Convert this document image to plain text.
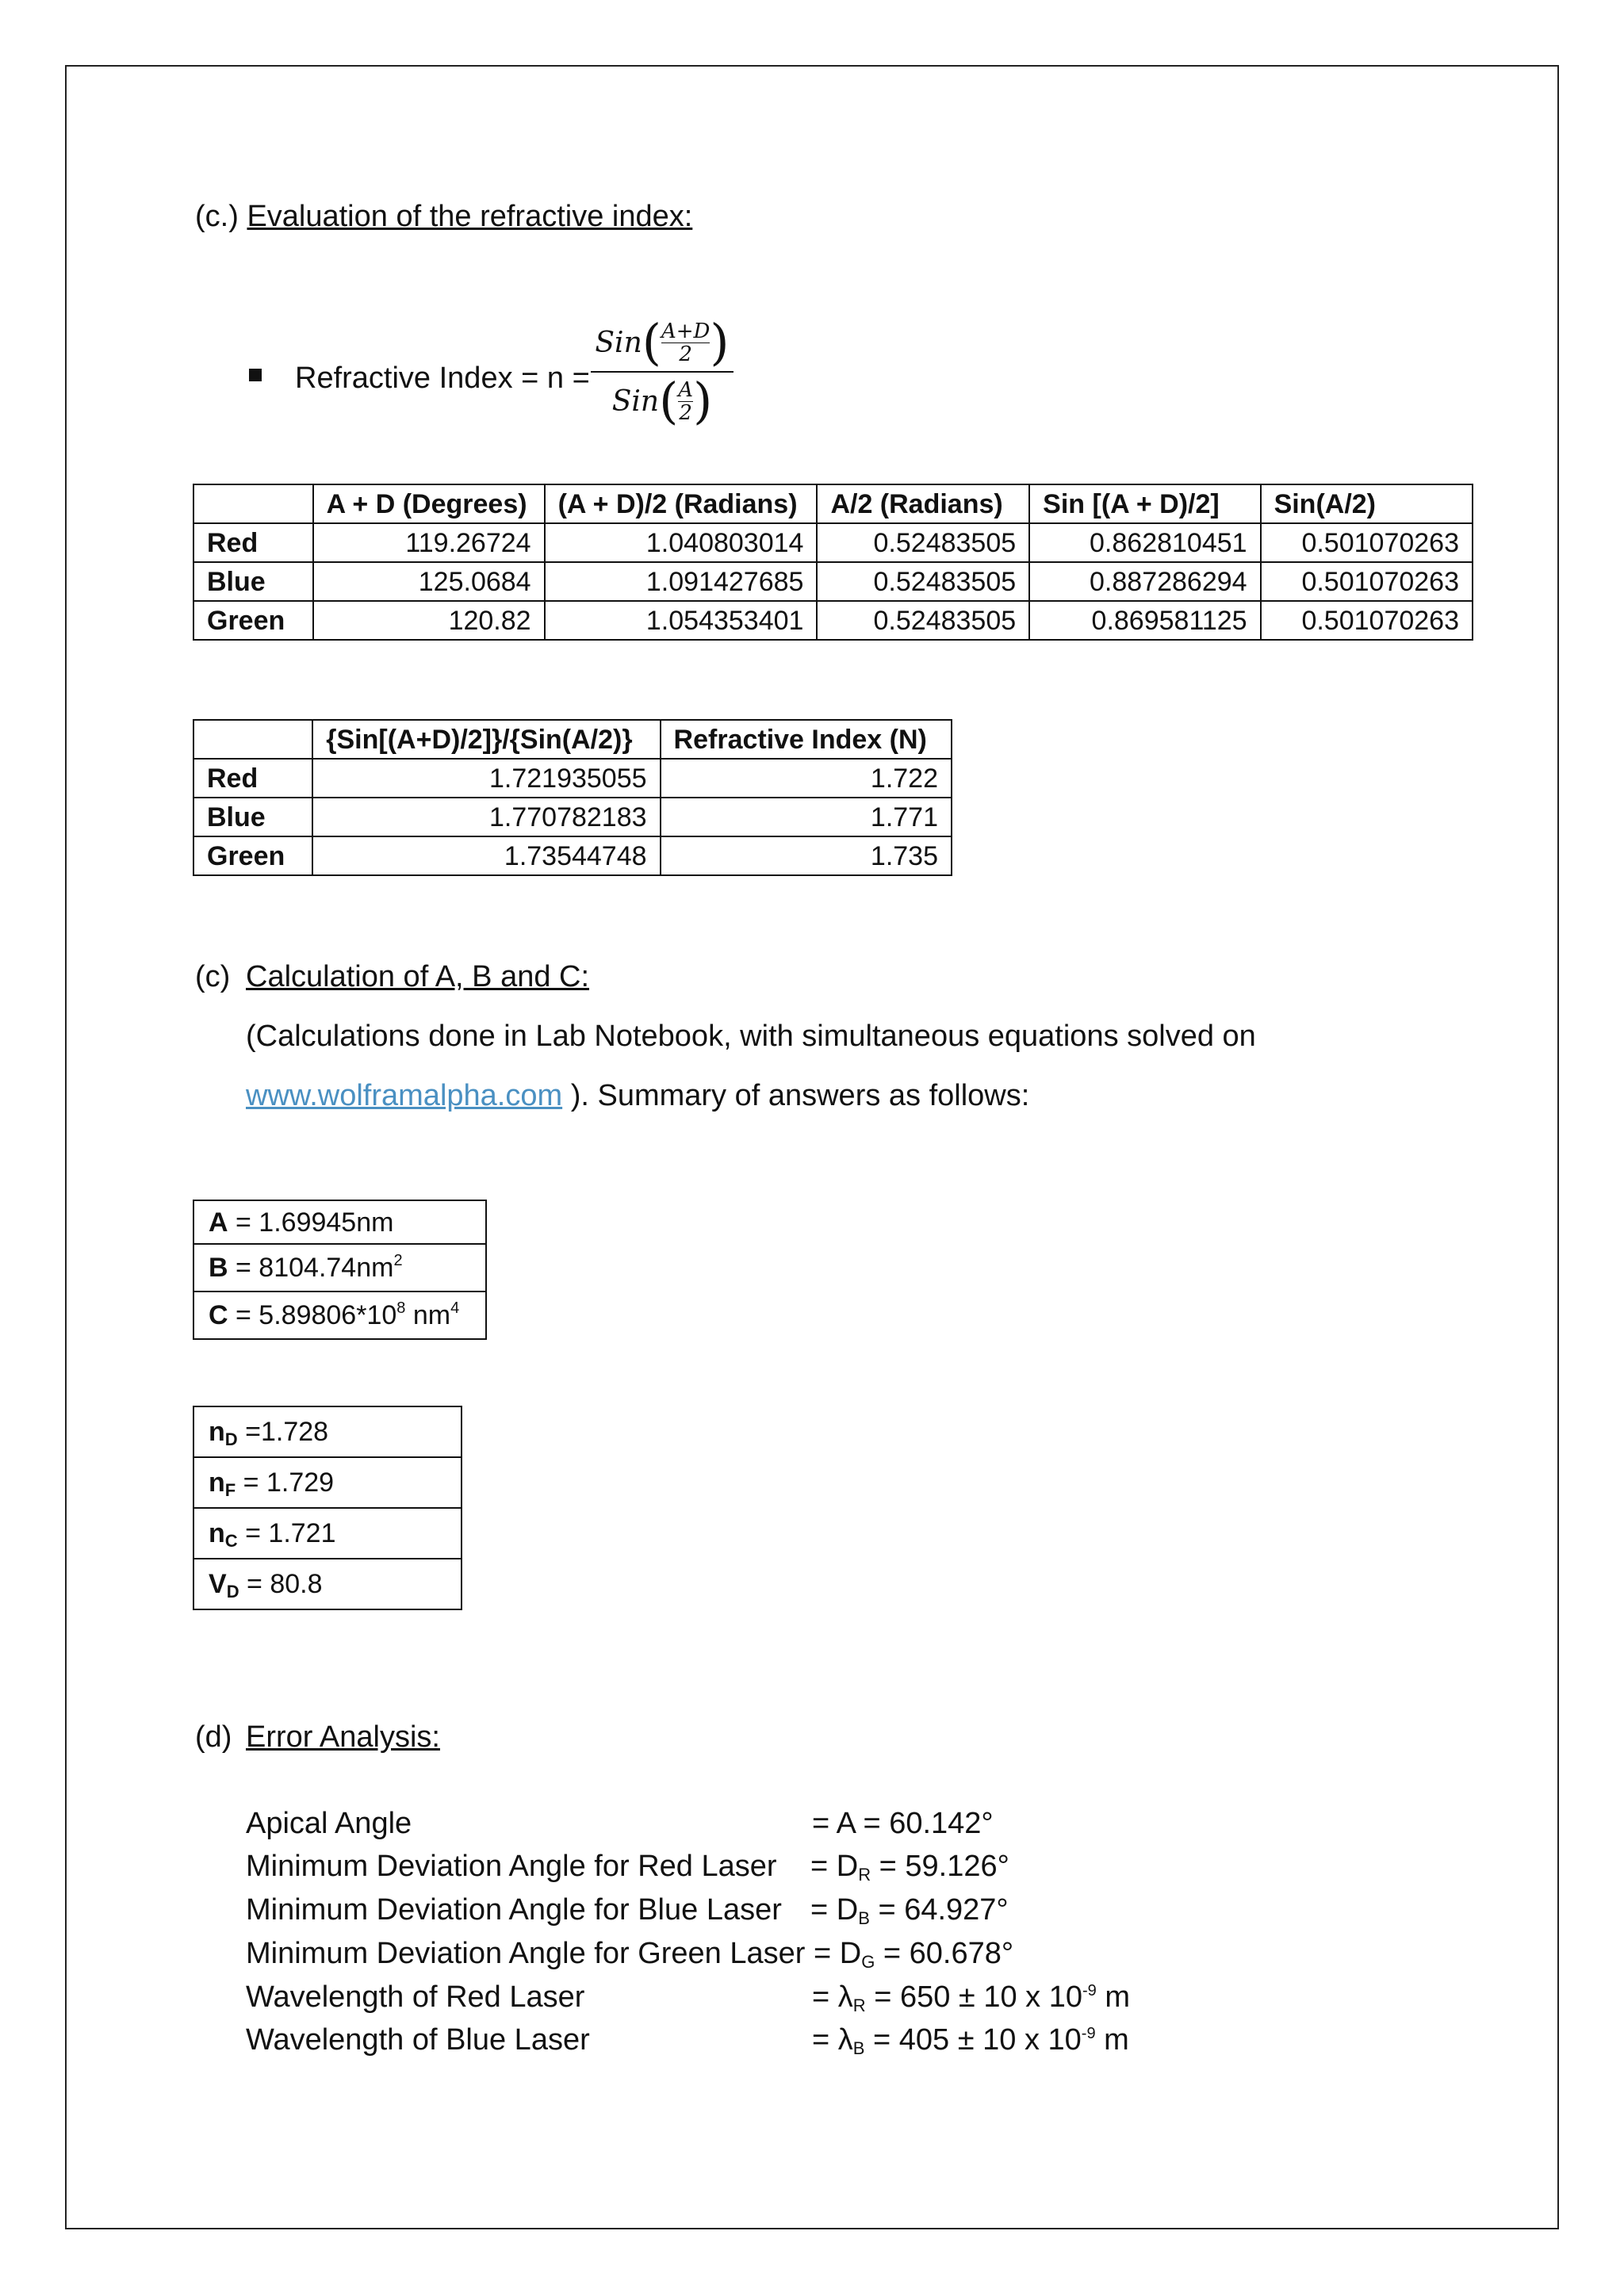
(c.) Evaluation of the refractive index:
Refractive Index = n =
Sin ( A+D
2 )
Sin ( A
2 )
	A + D (Degrees)	(A + D)/2 (Radians)	A/2 (Radians)	Sin [(A + D)/2]	Sin(A/2)
Red	119.26724	1.040803014	0.52483505	0.862810451	0.501070263
Blue	125.0684	1.091427685	0.52483505	0.887286294	0.501070263
Green	120.82	1.054353401	0.52483505	0.869581125	0.501070263
	{Sin[(A+D)/2]}/{Sin(A/2)}	Refractive Index (N)
Red	1.721935055	1.722
Blue	1.770782183	1.771
Green	1.73544748	1.735
(c) Calculation of A, B and C:
(Calculations done in Lab Notebook, with simultaneous equations solved on
www.wolframalpha.com ). Summary of answers as follows:
A = 1.69945nm
$B = 8104.74nm^2$
$C = 5.89806*10^8$ $nm^4$
$n_D =1.728$
$n_F = 1.729$
$n_C = 1.721$
$V_D = 80.8$
(d) Error Analysis:
Apical Angle	= A = 60.142°
Minimum Deviation Angle for Red Laser = $D_R = 59.126^\circ$
Minimum Deviation Angle for Blue Laser = $D_B = 64.927^\circ$
Minimum Deviation Angle for Green Laser = $D_G = 60.678^\circ$
Wavelength of Red Laser	= $\lambda_R = 650 \pm 10$ x $10^{-9}$ m
Wavelength of Blue Laser	= $\lambda_B = 405 \pm 10$ x $10^{-9}$ m
